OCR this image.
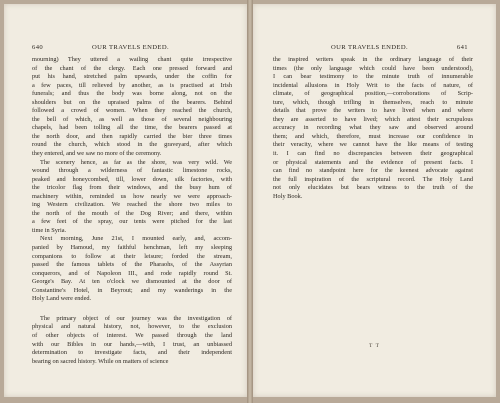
OUR TRAVELS ENDED.
640
mourning) They uttered a wailing chant quite irrespective
of the chant of the clergy. Each one pressed forward and
put his hand, stretched palm upwards, under the coffin for
a few paces, till relieved by another, as is practised at Irish
funerals; and thus the body was borne along, not on the
shoulders but on the upraised palms of the bearers. Behind
followed a crowd of women. When they reached the church,
the bell of which, as well as those of several neighbouring
chapels, had been tolling all the time, the bearers passed at
the north door, and then rapidly carried the bier three times
round the church, which stood in the graveyard, after which
they entered, and we saw no more of the ceremony.
The scenery hence, as far as the shore, was very wild. We
wound through a wilderness of fantastic limestone rocks,
peaked and honeycombed, till, lower down, silk factories, with
the tricolor flag from their windows, and the busy hum of
machinery within, reminded us how nearly we were approach-
ing Western civilization. We reached the shore two miles to
the north of the mouth of the Dog River; and there, within
a few feet of the spray, our tents were pitched for the last
time in Syria.
Next morning, June 21st, I mounted early, and, accom-
panied by Hamoud, my faithful henchman, left my sleeping
companions to follow at their leisure; forded the stream,
passed the famous tablets of the Pharaohs, of the Assyrian
conquerors, and of Napoleon III., and rode rapidly round St.
George's Bay. At ten o'clock we dismounted at the door of
Constantine's Hotel, in Beyrout; and my wanderings in the
Holy Land were ended.
The primary object of our journey was the investigation of
physical and natural history, not, however, to the exclusion
of other objects of interest. We passed through the land
with our Bibles in our hands,—with, I trust, an unbiassed
determination to investigate facts, and their independent
bearing on sacred history. While on matters of science
OUR TRAVELS ENDED.	641
the inspired writers speak in the ordinary language of their
times (the only language which could have been understood),
I can bear testimony to the minute truth of innumerable
incidental allusions in Holy Writ to the facts of nature, of
climate, of geographical position,—corroborations of Scrip-
ture, which, though trifling in themselves, reach to minute
details that prove the writers to have lived when and where
they are asserted to have lived; which attest their scrupulous
accuracy in recording what they saw and observed around
them; and which, therefore, must increase our confidence in
their veracity, where we cannot have the like means of testing
it. I can find no discrepancies between their geographical
or physical statements and the evidence of present facts. I
can find no standpoint here for the keenest advocate against
the full inspiration of the scriptural record. The Holy Land
not only elucidates but bears witness to the truth of the
Holy Book.
T T
